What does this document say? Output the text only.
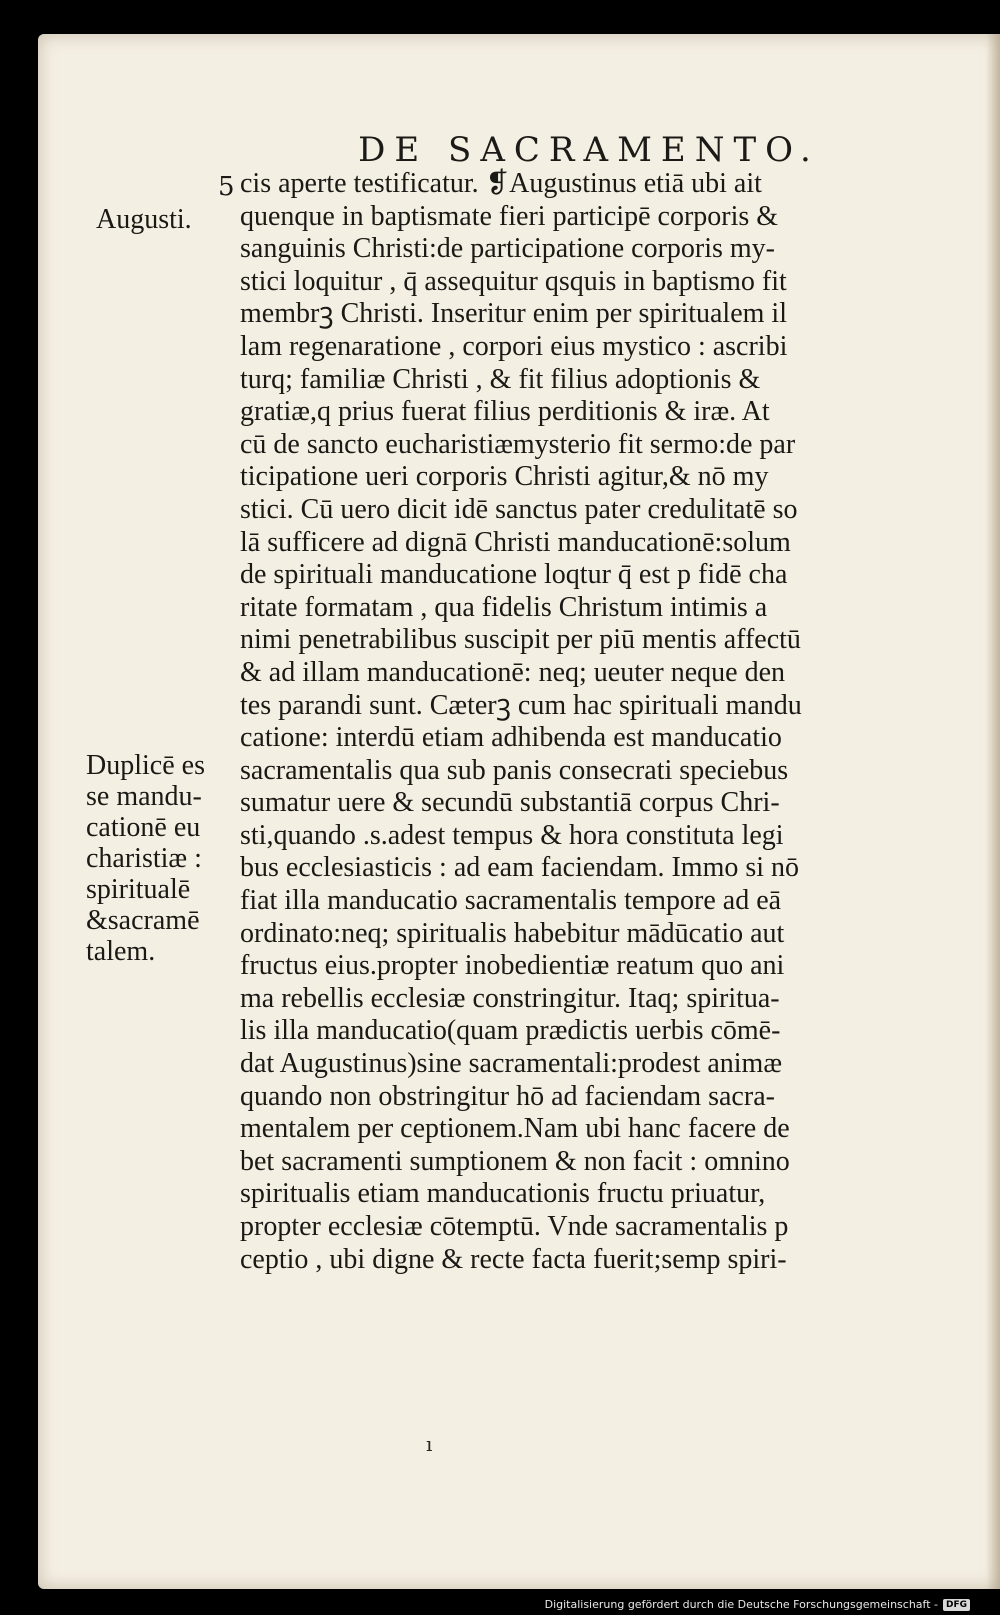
DE SACRAMENTO.
5
Augusti.
Duplicē es
se mandu-
cationē eu
charistiæ :
spiritualē
&sacramē
talem.
cis aperte testificatur. ❡Augustinus etiā ubi ait
quenque in baptismate fieri participē corporis &
sanguinis Christi:de participatione corporis my-
stici loquitur , q̄ assequitur qsquis in baptismo fit
membrꝫ Christi. Inseritur enim per spiritualem il
lam regenaratione , corpori eius mystico : ascribi
turq; familiæ Christi , & fit filius adoptionis &
gratiæ,q prius fuerat filius perditionis & iræ. At
cū de sancto eucharistiæmysterio fit sermo:de par
ticipatione ueri corporis Christi agitur,& nō my
stici. Cū uero dicit idē sanctus pater credulitatē so
lā sufficere ad dignā Christi manducationē:solum
de spirituali manducatione loqtur q̄ est p fidē cha
ritate formatam , qua fidelis Christum intimis a
nimi penetrabilibus suscipit per piū mentis affectū
& ad illam manducationē: neq; ueuter neque den
tes parandi sunt. Cæterꝫ cum hac spirituali mandu
catione: interdū etiam adhibenda est manducatio
sacramentalis qua sub panis consecrati speciebus
sumatur uere & secundū substantiā corpus Chri-
sti,quando .s.adest tempus & hora constituta legi
bus ecclesiasticis : ad eam faciendam. Immo si nō
fiat illa manducatio sacramentalis tempore ad eā
ordinato:neq; spiritualis habebitur mādūcatio aut
fructus eius.propter inobedientiæ reatum quo ani
ma rebellis ecclesiæ constringitur. Itaq; spiritua-
lis illa manducatio(quam prædictis uerbis cōmē-
dat Augustinus)sine sacramentali:prodest animæ
quando non obstringitur hō ad faciendam sacra-
mentalem per ceptionem.Nam ubi hanc facere de
bet sacramenti sumptionem & non facit : omnino
spiritualis etiam manducationis fructu priuatur,
propter ecclesiæ cōtemptū. Vnde sacramentalis p
ceptio , ubi digne & recte facta fuerit;semp spiri-
ı
Digitalisierung gefördert durch die Deutsche Forschungsgemeinschaft - DFG
